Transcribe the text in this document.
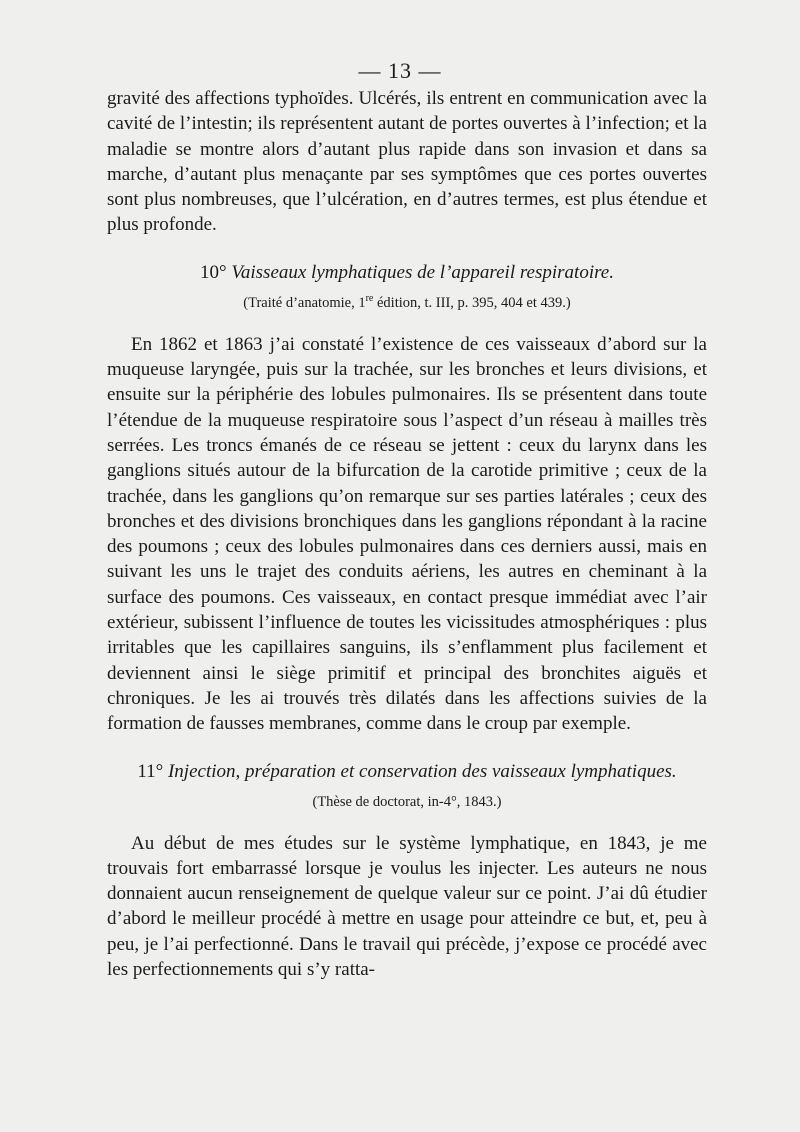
— 13 —

gravité des affections typhoïdes. Ulcérés, ils entrent en communication avec la cavité de l’intestin; ils représentent autant de portes ouvertes à l’infection; et la maladie se montre alors d’autant plus rapide dans son invasion et dans sa marche, d’autant plus menaçante par ses symptômes que ces portes ouvertes sont plus nombreuses, que l’ulcération, en d’autres termes, est plus étendue et plus profonde.

10° Vaisseaux lymphatiques de l’appareil respiratoire.
(Traité d’anatomie, 1re édition, t. III, p. 395, 404 et 439.)

En 1862 et 1863 j’ai constaté l’existence de ces vaisseaux d’abord sur la muqueuse laryngée, puis sur la trachée, sur les bronches et leurs divisions, et ensuite sur la périphérie des lobules pulmonaires. Ils se présentent dans toute l’étendue de la muqueuse respiratoire sous l’aspect d’un réseau à mailles très serrées. Les troncs émanés de ce réseau se jettent : ceux du larynx dans les ganglions situés autour de la bifurcation de la carotide primitive ; ceux de la trachée, dans les ganglions qu’on remarque sur ses parties latérales ; ceux des bronches et des divisions bronchiques dans les ganglions répondant à la racine des poumons ; ceux des lobules pulmonaires dans ces derniers aussi, mais en suivant les uns le trajet des conduits aériens, les autres en cheminant à la surface des poumons. Ces vaisseaux, en contact presque immédiat avec l’air extérieur, subissent l’influence de toutes les vicissitudes atmosphériques : plus irritables que les capillaires sanguins, ils s’enflamment plus facilement et deviennent ainsi le siège primitif et principal des bronchites aiguës et chroniques. Je les ai trouvés très dilatés dans les affections suivies de la formation de fausses membranes, comme dans le croup par exemple.

11° Injection, préparation et conservation des vaisseaux lymphatiques.
(Thèse de doctorat, in-4°, 1843.)

Au début de mes études sur le système lymphatique, en 1843, je me trouvais fort embarrassé lorsque je voulus les injecter. Les auteurs ne nous donnaient aucun renseignement de quelque valeur sur ce point. J’ai dû étudier d’abord le meilleur procédé à mettre en usage pour atteindre ce but, et, peu à peu, je l’ai perfectionné. Dans le travail qui précède, j’expose ce procédé avec les perfectionnements qui s’y ratta-
